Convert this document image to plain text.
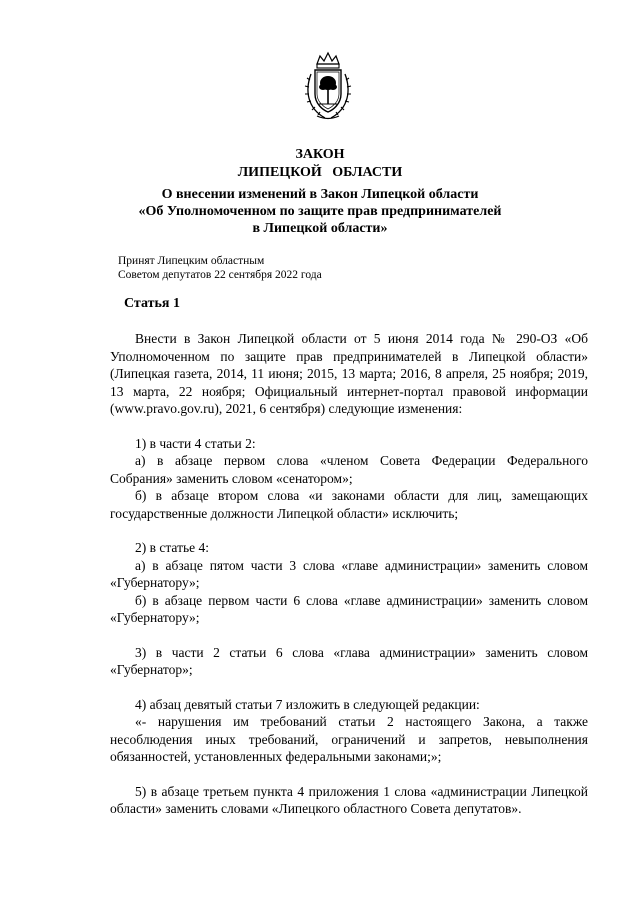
ЗАКОН
ЛИПЕЦКОЙ   ОБЛАСТИ
О внесении изменений в Закон Липецкой области
«Об Уполномоченном по защите прав предпринимателей
в Липецкой области»
Принят Липецким областным
Советом депутатов 22 сентября 2022 года
Статья 1

Внести в Закон Липецкой области от 5 июня 2014 года № 290-ОЗ «Об Уполномоченном по защите прав предпринимателей в Липецкой области» (Липецкая газета, 2014, 11 июня; 2015, 13 марта; 2016, 8 апреля, 25 ноября; 2019, 13 марта, 22 ноября; Официальный интернет-портал правовой информации (www.pravo.gov.ru), 2021, 6 сентября) следующие изменения:

1) в части 4 статьи 2:

а) в абзаце первом слова «членом Совета Федерации Федерального Собрания» заменить словом «сенатором»;

б) в абзаце втором слова «и законами области для лиц, замещающих государственные должности Липецкой области» исключить;

2) в статье 4:

а) в абзаце пятом части 3 слова «главе администрации» заменить словом «Губернатору»;

б) в абзаце первом части 6 слова «главе администрации» заменить словом «Губернатору»;

3) в части 2 статьи 6 слова «глава администрации» заменить словом «Губернатор»;

4) абзац девятый статьи 7 изложить в следующей редакции:

«- нарушения им требований статьи 2 настоящего Закона, а также несоблюдения иных требований, ограничений и запретов, невыполнения обязанностей, установленных федеральными законами;»;

5) в абзаце третьем пункта 4 приложения 1 слова «администрации Липецкой области» заменить словами «Липецкого областного Совета депутатов».
